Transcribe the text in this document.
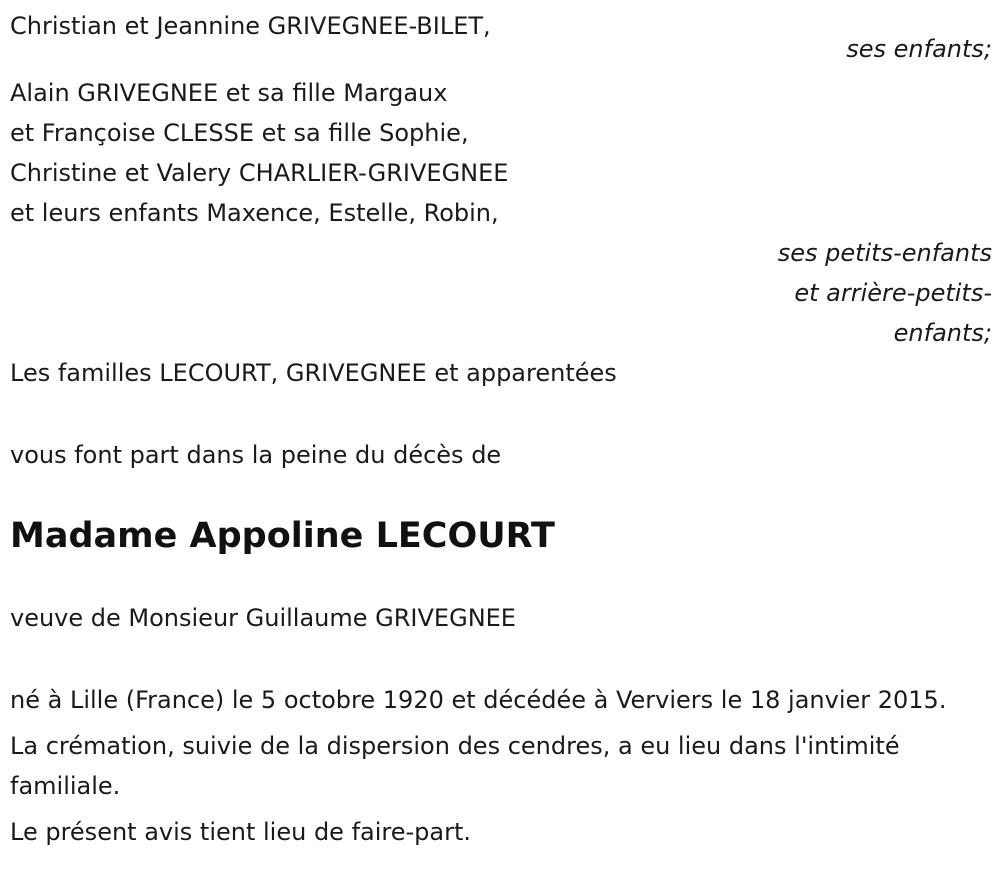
Christian et Jeannine GRIVEGNEE-BILET,
ses enfants;
Alain GRIVEGNEE et sa fille Margaux
et Françoise CLESSE et sa fille Sophie,
Christine et Valery CHARLIER-GRIVEGNEE
et leurs enfants Maxence, Estelle, Robin,
ses petits-enfants
et arrière-petits-
enfants;
Les familles LECOURT, GRIVEGNEE et apparentées
vous font part dans la peine du décès de
Madame Appoline LECOURT
veuve de Monsieur Guillaume GRIVEGNEE
né à Lille (France) le 5 octobre 1920 et décédée à Verviers le 18 janvier 2015.
La crémation, suivie de la dispersion des cendres, a eu lieu dans l'intimité familiale.
Le présent avis tient lieu de faire-part.
